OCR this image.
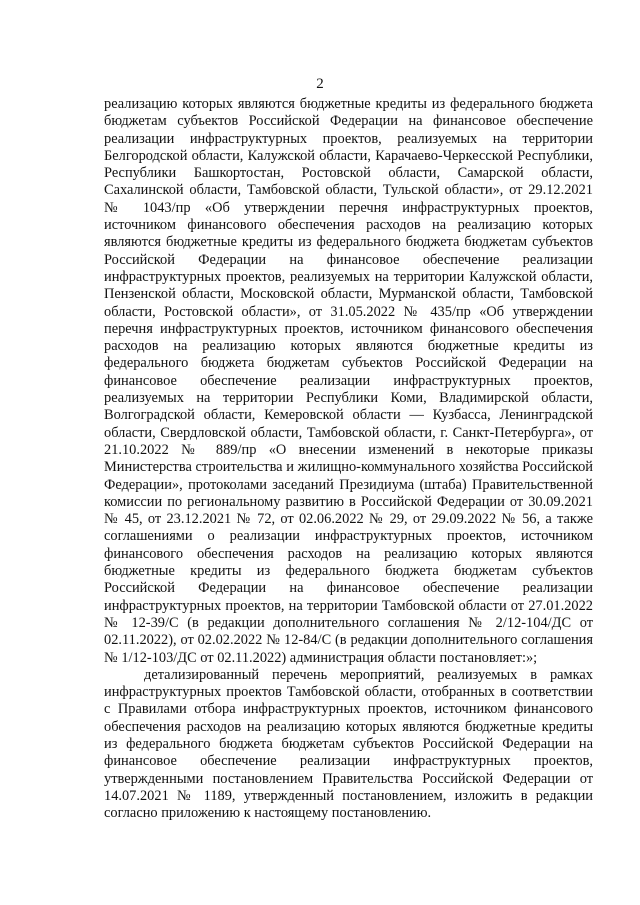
2

реализацию которых являются бюджетные кредиты из федерального бюджета бюджетам субъектов Российской Федерации на финансовое обеспечение реализации инфраструктурных проектов, реализуемых на территории Белгородской области, Калужской области, Карачаево-Черкесской Республики, Республики Башкортостан, Ростовской области, Самарской области, Сахалинской области, Тамбовской области, Тульской области», от 29.12.2021 № 1043/пр «Об утверждении перечня инфраструктурных проектов, источником финансового обеспечения расходов на реализацию которых являются бюджетные кредиты из федерального бюджета бюджетам субъектов Российской Федерации на финансовое обеспечение реализации инфраструктурных проектов, реализуемых на территории Калужской области, Пензенской области, Московской области, Мурманской области, Тамбовской области, Ростовской области», от 31.05.2022 № 435/пр «Об утверждении перечня инфраструктурных проектов, источником финансового обеспечения расходов на реализацию которых являются бюджетные кредиты из федерального бюджета бюджетам субъектов Российской Федерации на финансовое обеспечение реализации инфраструктурных проектов, реализуемых на территории Республики Коми, Владимирской области, Волгоградской области, Кемеровской области — Кузбасса, Ленинградской области, Свердловской области, Тамбовской области, г. Санкт-Петербурга», от 21.10.2022 № 889/пр «О внесении изменений в некоторые приказы Министерства строительства и жилищно-коммунального хозяйства Российской Федерации», протоколами заседаний Президиума (штаба) Правительственной комиссии по региональному развитию в Российской Федерации от 30.09.2021 № 45, от 23.12.2021 № 72, от 02.06.2022 № 29, от 29.09.2022 № 56, а также соглашениями о реализации инфраструктурных проектов, источником финансового обеспечения расходов на реализацию которых являются бюджетные кредиты из федерального бюджета бюджетам субъектов Российской Федерации на финансовое обеспечение реализации инфраструктурных проектов, на территории Тамбовской области от 27.01.2022 № 12-39/С (в редакции дополнительного соглашения № 2/12-104/ДС от 02.11.2022), от 02.02.2022 № 12-84/С (в редакции дополнительного соглашения № 1/12-103/ДС от 02.11.2022) администрация области постановляет:»;

детализированный перечень мероприятий, реализуемых в рамках инфраструктурных проектов Тамбовской области, отобранных в соответствии с Правилами отбора инфраструктурных проектов, источником финансового обеспечения расходов на реализацию которых являются бюджетные кредиты из федерального бюджета бюджетам субъектов Российской Федерации на финансовое обеспечение реализации инфраструктурных проектов, утвержденными постановлением Правительства Российской Федерации от 14.07.2021 № 1189, утвержденный постановлением, изложить в редакции согласно приложению к настоящему постановлению.
